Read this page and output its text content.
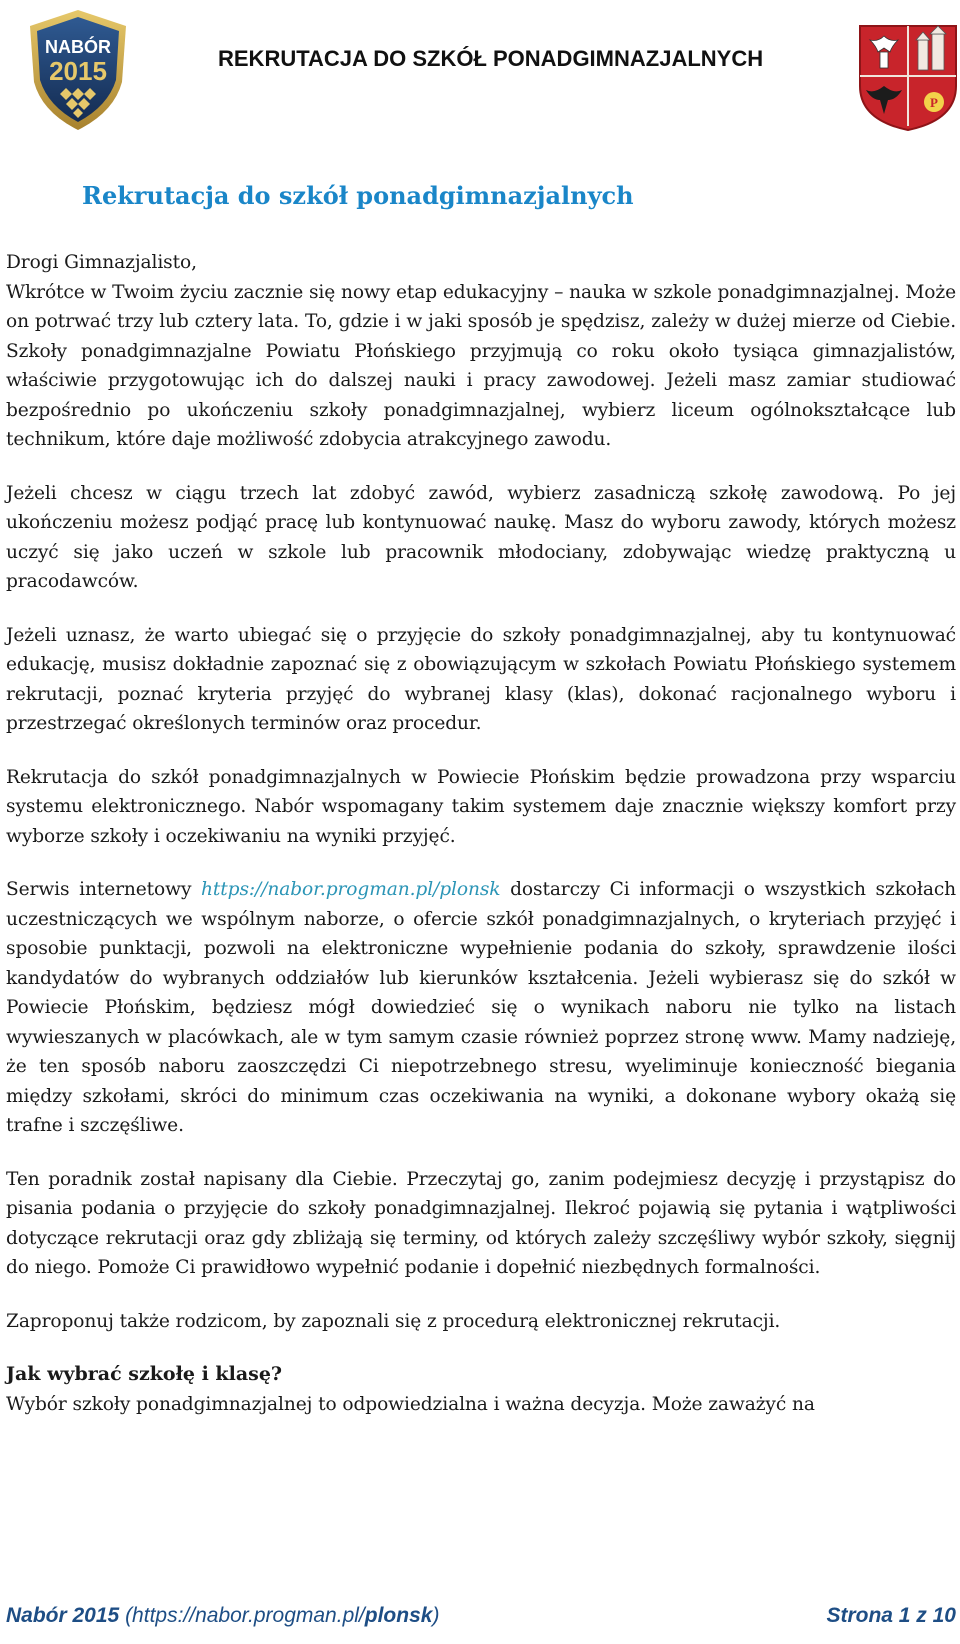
NABÓR
2015	REKRUTACJA DO SZKÓŁ PONADGIMNAZJALNYCH
P
Rekrutacja do szkół ponadgimnazjalnych

Drogi Gimnazjalisto,

Wkrótce w Twoim życiu zacznie się nowy etap edukacyjny – nauka w szkole ponadgimnazjalnej. Może on potrwać trzy lub cztery lata. To, gdzie i w jaki sposób je spędzisz, zależy w dużej mierze od Ciebie. Szkoły ponadgimnazjalne Powiatu Płońskiego przyjmują co roku około tysiąca gimnazjalistów, właściwie przygotowując ich do dalszej nauki i pracy zawodowej. Jeżeli masz zamiar studiować bezpośrednio po ukończeniu szkoły ponadgimnazjalnej, wybierz liceum ogólnokształcące lub technikum, które daje możliwość zdobycia atrakcyjnego zawodu.

Jeżeli chcesz w ciągu trzech lat zdobyć zawód, wybierz zasadniczą szkołę zawodową. Po jej ukończeniu możesz podjąć pracę lub kontynuować naukę. Masz do wyboru zawody, których możesz uczyć się jako uczeń w szkole lub pracownik młodociany, zdobywając wiedzę praktyczną u pracodawców.

Jeżeli uznasz, że warto ubiegać się o przyjęcie do szkoły ponadgimnazjalnej, aby tu kontynuować edukację, musisz dokładnie zapoznać się z obowiązującym w szkołach Powiatu Płońskiego systemem rekrutacji, poznać kryteria przyjęć do wybranej klasy (klas), dokonać racjonalnego wyboru i przestrzegać określonych terminów oraz procedur.

Rekrutacja do szkół ponadgimnazjalnych w Powiecie Płońskim będzie prowadzona przy wsparciu systemu elektronicznego. Nabór wspomagany takim systemem daje znacznie większy komfort przy wyborze szkoły i oczekiwaniu na wyniki przyjęć.

Serwis internetowy https://nabor.progman.pl/plonsk dostarczy Ci informacji o wszystkich szkołach uczestniczących we wspólnym naborze, o ofercie szkół ponadgimnazjalnych, o kryteriach przyjęć i sposobie punktacji, pozwoli na elektroniczne wypełnienie podania do szkoły, sprawdzenie ilości kandydatów do wybranych oddziałów lub kierunków kształcenia. Jeżeli wybierasz się do szkół w Powiecie Płońskim, będziesz mógł dowiedzieć się o wynikach naboru nie tylko na listach wywieszanych w placówkach, ale w tym samym czasie również poprzez stronę www. Mamy nadzieję, że ten sposób naboru zaoszczędzi Ci niepotrzebnego stresu, wyeliminuje konieczność biegania między szkołami, skróci do minimum czas oczekiwania na wyniki, a dokonane wybory okażą się trafne i szczęśliwe.

Ten poradnik został napisany dla Ciebie. Przeczytaj go, zanim podejmiesz decyzję i przystąpisz do pisania podania o przyjęcie do szkoły ponadgimnazjalnej. Ilekroć pojawią się pytania i wątpliwości dotyczące rekrutacji oraz gdy zbliżają się terminy, od których zależy szczęśliwy wybór szkoły, sięgnij do niego. Pomoże Ci prawidłowo wypełnić podanie i dopełnić niezbędnych formalności.

Zaproponuj także rodzicom, by zapoznali się z procedurą elektronicznej rekrutacji.

Jak wybrać szkołę i klasę?

Wybór szkoły ponadgimnazjalnej to odpowiedzialna i ważna decyzja. Może zaważyć na

Nabór 2015 (https://nabor.progman.pl/plonsk)	Strona 1 z 10
